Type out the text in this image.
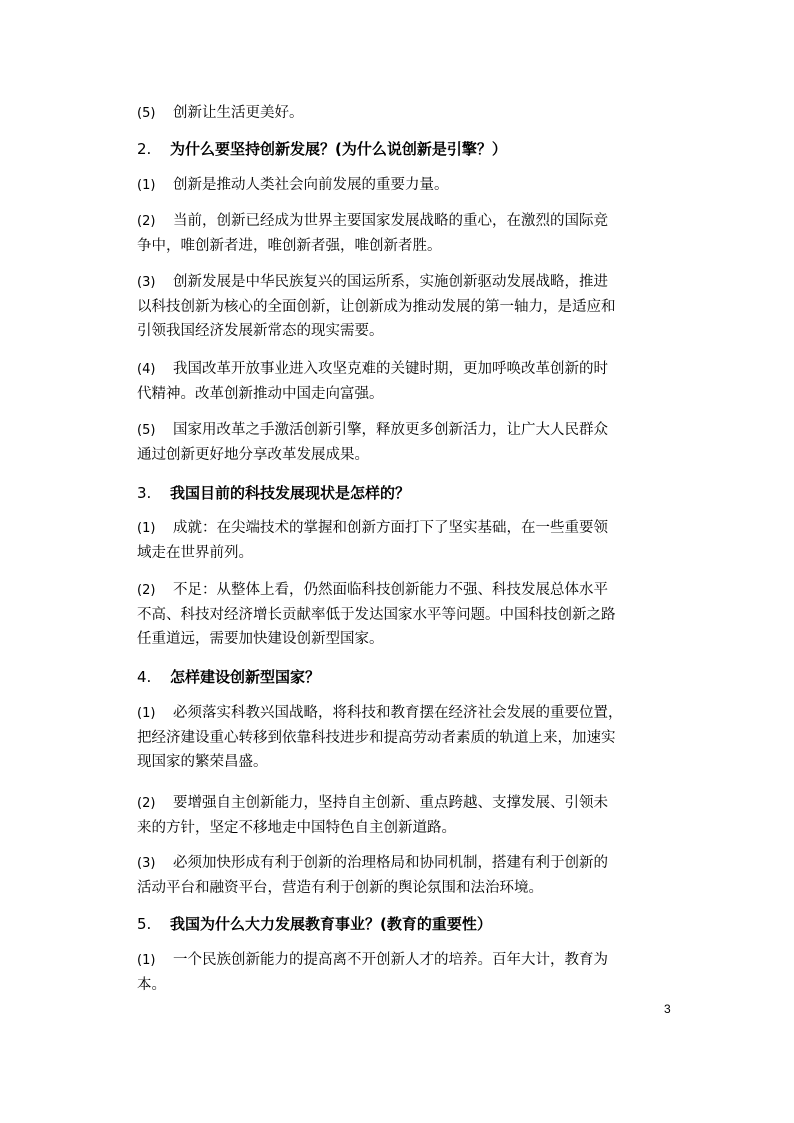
(5) 创新让生活更美好。
2. 为什么要坚持创新发展？(为什么说创新是引擎？）
(1) 创新是推动人类社会向前发展的重要力量。
(2) 当前，创新已经成为世界主要国家发展战略的重心，在激烈的国际竞
争中，唯创新者进，唯创新者强，唯创新者胜。
(3) 创新发展是中华民族复兴的国运所系，实施创新驱动发展战略，推进
以科技创新为核心的全面创新，让创新成为推动发展的第一轴力，是适应和
引领我国经济发展新常态的现实需要。
(4) 我国改革开放事业进入攻坚克难的关键时期，更加呼唤改革创新的时
代精神。改革创新推动中国走向富强。
(5) 国家用改革之手激活创新引擎，释放更多创新活力，让广大人民群众
通过创新更好地分享改革发展成果。
3. 我国目前的科技发展现状是怎样的？
(1) 成就：在尖端技术的掌握和创新方面打下了坚实基础，在一些重要领
域走在世界前列。
(2) 不足：从整体上看，仍然面临科技创新能力不强、科技发展总体水平
不高、科技对经济增长贡献率低于发达国家水平等问题。中国科技创新之路
任重道远，需要加快建设创新型国家。
4. 怎样建设创新型国家？
(1) 必须落实科教兴国战略，将科技和教育摆在经济社会发展的重要位置，
把经济建设重心转移到依靠科技进步和提高劳动者素质的轨道上来，加速实
现国家的繁荣昌盛。
(2) 要增强自主创新能力，坚持自主创新、重点跨越、支撑发展、引领未
来的方针，坚定不移地走中国特色自主创新道路。
(3) 必须加快形成有利于创新的治理格局和协同机制，搭建有利于创新的
活动平台和融资平台，营造有利于创新的舆论氛围和法治环境。
5. 我国为什么大力发展教育事业？(教育的重要性）
(1) 一个民族创新能力的提高离不开创新人才的培养。百年大计，教育为
本。
3
